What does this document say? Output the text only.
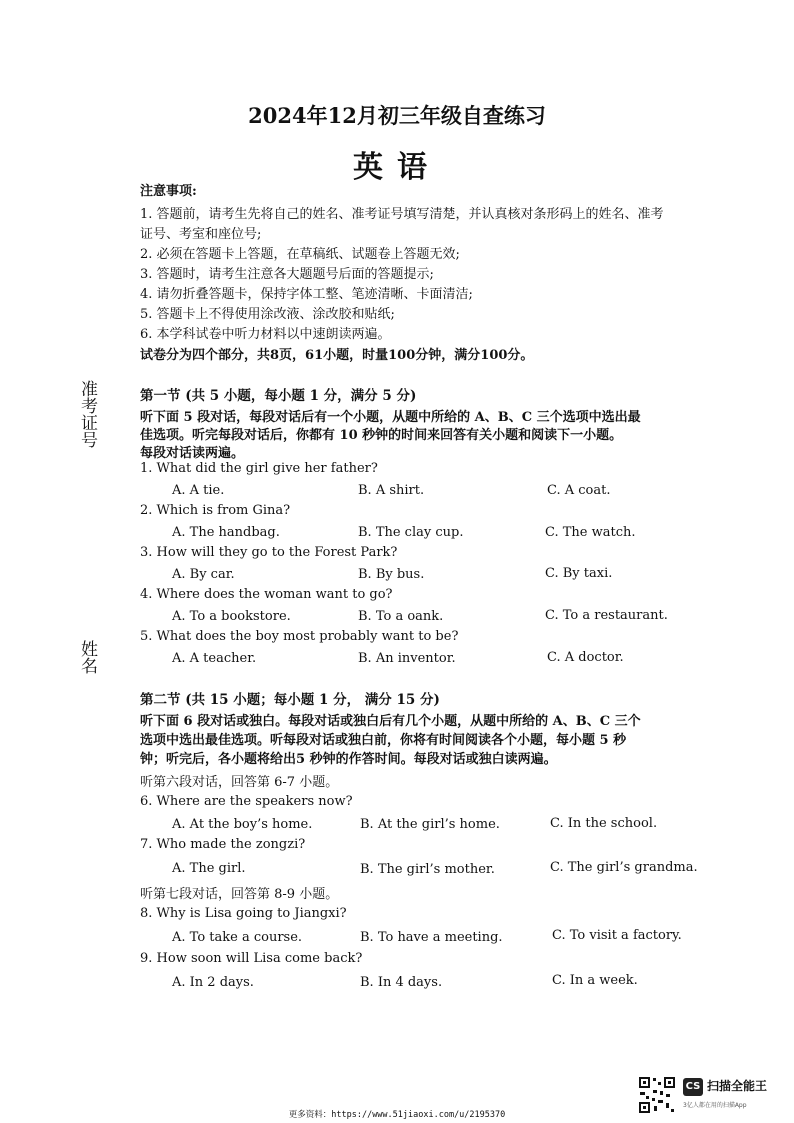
2024年12月初三年级自查练习
英语
准考证号
姓名
注意事项:
1. 答题前，请考生先将自己的姓名、准考证号填写清楚，并认真核对条形码上的姓名、准考
证号、考室和座位号;
2. 必须在答题卡上答题，在草稿纸、试题卷上答题无效;
3. 答题时，请考生注意各大题题号后面的答题提示;
4. 请勿折叠答题卡，保持字体工整、笔迹清晰、卡面清洁;
5. 答题卡上不得使用涂改液、涂改胶和贴纸;
6. 本学科试卷中听力材料以中速朗读两遍。
试卷分为四个部分，共8页，61小题，时量100分钟，满分100分。
第一节 (共 5 小题，每小题 1 分，满分 5 分)
听下面 5 段对话，每段对话后有一个小题，从题中所给的 A、B、C 三个选项中选出最
佳选项。听完每段对话后，你都有 10 秒钟的时间来回答有关小题和阅读下一小题。
每段对话读两遍。
1. What did the girl give her father?
A. A tie.	B. A shirt.	C. A coat.
2. Which is from Gina?
A. The handbag.	B. The clay cup.	C. The watch.
3. How will they go to the Forest Park?
A. By car.	B. By bus.	C. By taxi.
4. Where does the woman want to go?
A. To a bookstore.	B. To a oank.	C. To a restaurant.
5. What does the boy most probably want to be?
A. A teacher.	B. An inventor.	C. A doctor.
第二节 (共 15 小题；每小题 1 分， 满分 15 分)
听下面 6 段对话或独白。每段对话或独白后有几个小题，从题中所给的 A、B、C 三个
选项中选出最佳选项。听每段对话或独白前，你将有时间阅读各个小题，每小题 5 秒
钟；听完后，各小题将给出5 秒钟的作答时间。每段对话或独白读两遍。
听第六段对话，回答第 6-7 小题。
6. Where are the speakers now?
A. At the boy’s home.	B. At the girl’s home.	C. In the school.
7. Who made the zongzi?
A. The girl.	B. The girl’s mother.	C. The girl’s grandma.
听第七段对话，回答第 8-9 小题。
8. Why is Lisa going to Jiangxi?
A. To take a course.	B. To have a meeting.	C. To visit a factory.
9. How soon will Lisa come back?
A. In 2 days.	B. In 4 days.	C. In a week.
CS 扫描全能王
3亿人都在用的扫描App
更多资料：https://www.51jiaoxi.com/u/2195370
